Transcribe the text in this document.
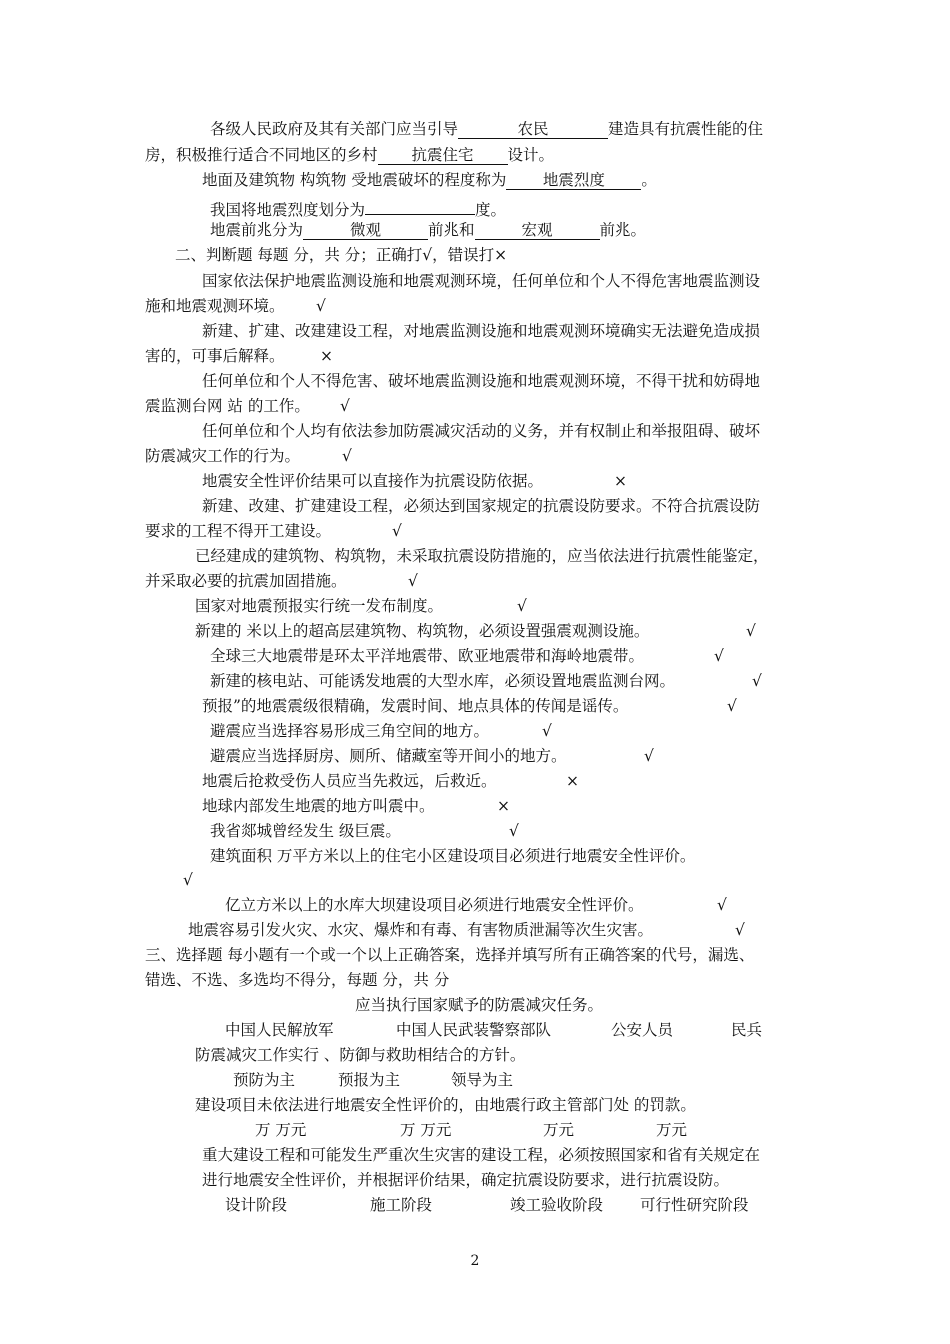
各级人民政府及其有关部门应当引导	农民	建造具有抗震性能的住
房，积极推行适合不同地区的乡村 抗震住宅 设计。
地面及建筑物 构筑物 受地震破坏的程度称为 地震烈度 。
我国将地震烈度划分为	度。
地震前兆分为	微观	前兆和	宏观	前兆。
二、判断题 每题 分，共 分；正确打√，错误打×
国家依法保护地震监测设施和地震观测环境，任何单位和个人不得危害地震监测设
施和地震观测环境。 √
新建、扩建、改建建设工程，对地震监测设施和地震观测环境确实无法避免造成损
害的，可事后解释。 ×
任何单位和个人不得危害、破坏地震监测设施和地震观测环境，不得干扰和妨碍地
震监测台网 站 的工作。 √
任何单位和个人均有依法参加防震减灾活动的义务，并有权制止和举报阻碍、破坏
防震减灾工作的行为。	√
地震安全性评价结果可以直接作为抗震设防依据。	×
新建、改建、扩建建设工程，必须达到国家规定的抗震设防要求。不符合抗震设防
要求的工程不得开工建设。	√
已经建成的建筑物、构筑物，未采取抗震设防措施的，应当依法进行抗震性能鉴定，
并采取必要的抗震加固措施。	√
国家对地震预报实行统一发布制度。	√
新建的 米以上的超高层建筑物、构筑物，必须设置强震观测设施。	√
全球三大地震带是环太平洋地震带、欧亚地震带和海岭地震带。	√
新建的核电站、可能诱发地震的大型水库，必须设置地震监测台网。	√
预报”的地震震级很精确，发震时间、地点具体的传闻是谣传。	√
避震应当选择容易形成三角空间的地方。	√
避震应当选择厨房、厕所、储藏室等开间小的地方。	√
地震后抢救受伤人员应当先救远，后救近。	×
地球内部发生地震的地方叫震中。	×
我省郯城曾经发生 级巨震。	√
建筑面积 万平方米以上的住宅小区建设项目必须进行地震安全性评价。
√
亿立方米以上的水库大坝建设项目必须进行地震安全性评价。	√
地震容易引发火灾、水灾、爆炸和有毒、有害物质泄漏等次生灾害。	√
三、选择题 每小题有一个或一个以上正确答案，选择并填写所有正确答案的代号，漏选、
错选、不选、多选均不得分，每题 分，共 分
应当执行国家赋予的防震减灾任务。
中国人民解放军	中国人民武装警察部队	公安人员	民兵
防震减灾工作实行 、防御与救助相结合的方针。
预防为主	预报为主	领导为主
建设项目未依法进行地震安全性评价的，由地震行政主管部门处 的罚款。
万 万元	万 万元	万元	万元
重大建设工程和可能发生严重次生灾害的建设工程，必须按照国家和省有关规定在
进行地震安全性评价，并根据评价结果，确定抗震设防要求，进行抗震设防。
设计阶段	施工阶段	竣工验收阶段 可行性研究阶段
2
